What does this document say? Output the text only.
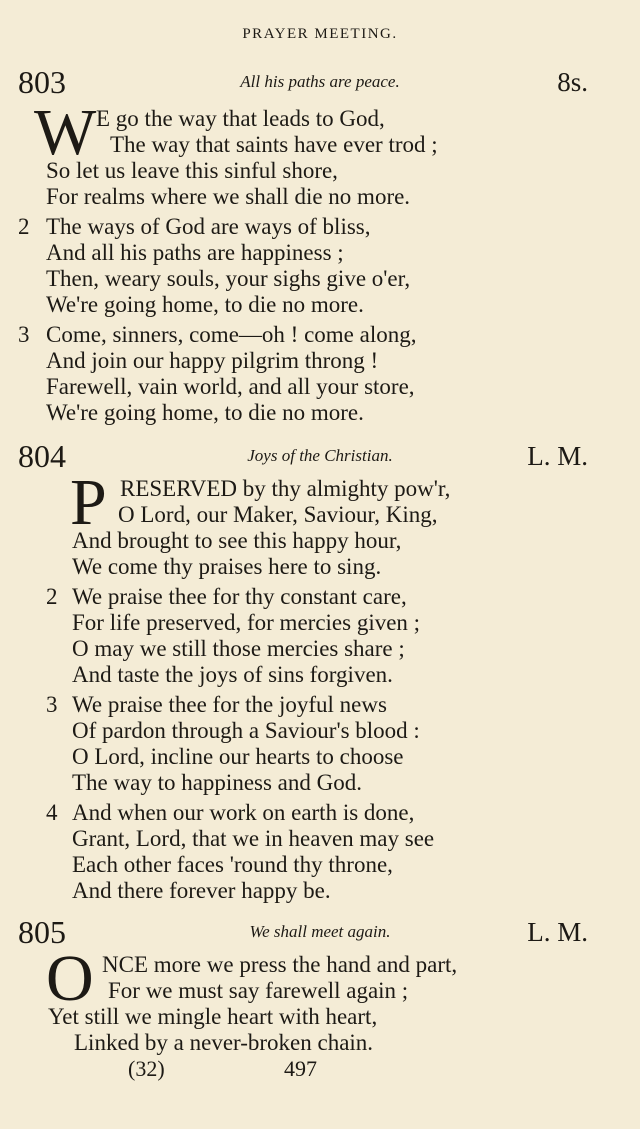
PRAYER MEETING.
803	All his paths are peace.	8s.
W E go the way that leads to God,
The way that saints have ever trod ;
So let us leave this sinful shore,
For realms where we shall die no more.
2 The ways of God are ways of bliss,
And all his paths are happiness ;
Then, weary souls, your sighs give o'er,
We're going home, to die no more.
3 Come, sinners, come—oh ! come along,
And join our happy pilgrim throng !
Farewell, vain world, and all your store,
We're going home, to die no more.
804	Joys of the Christian.	L. M.
P RESERVED by thy almighty pow'r,
O Lord, our Maker, Saviour, King,
And brought to see this happy hour,
We come thy praises here to sing.
2 We praise thee for thy constant care,
For life preserved, for mercies given ;
O may we still those mercies share ;
And taste the joys of sins forgiven.
3 We praise thee for the joyful news
Of pardon through a Saviour's blood :
O Lord, incline our hearts to choose
The way to happiness and God.
4 And when our work on earth is done,
Grant, Lord, that we in heaven may see
Each other faces 'round thy throne,
And there forever happy be.
805	We shall meet again.	L. M.
O NCE more we press the hand and part,
For we must say farewell again ;
Yet still we mingle heart with heart,
Linked by a never-broken chain.
(32)	497
